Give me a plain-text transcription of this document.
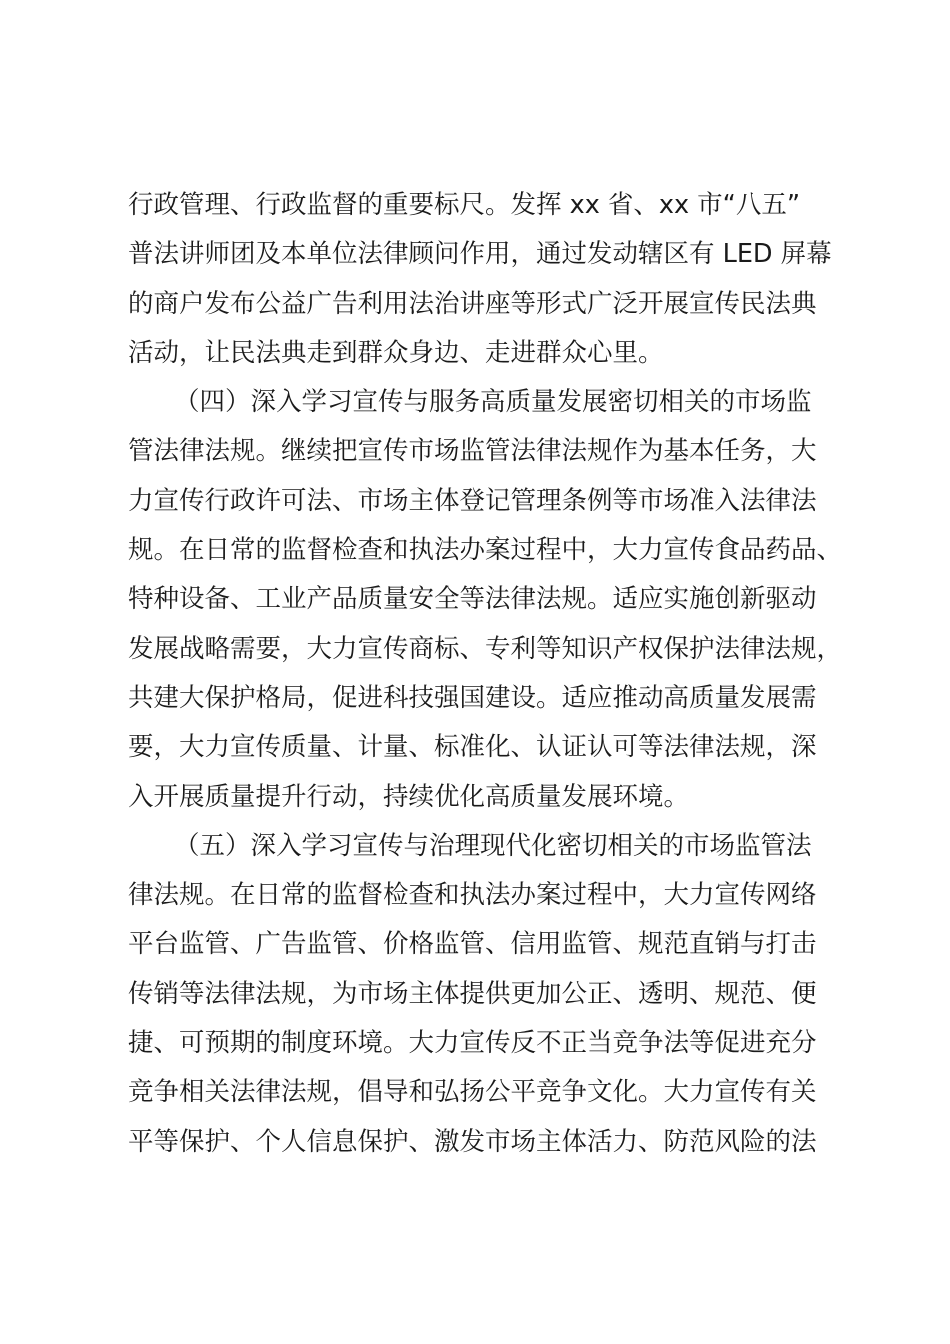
行政管理、行政监督的重要标尺。发挥 xx 省、xx 市“八五”
普法讲师团及本单位法律顾问作用，通过发动辖区有 LED 屏幕
的商户发布公益广告利用法治讲座等形式广泛开展宣传民法典
活动，让民法典走到群众身边、走进群众心里。
（四）深入学习宣传与服务高质量发展密切相关的市场监
管法律法规。继续把宣传市场监管法律法规作为基本任务，大
力宣传行政许可法、市场主体登记管理条例等市场准入法律法
规。在日常的监督检查和执法办案过程中，大力宣传食品药品、
特种设备、工业产品质量安全等法律法规。适应实施创新驱动
发展战略需要，大力宣传商标、专利等知识产权保护法律法规，
共建大保护格局，促进科技强国建设。适应推动高质量发展需
要，大力宣传质量、计量、标准化、认证认可等法律法规，深
入开展质量提升行动，持续优化高质量发展环境。
（五）深入学习宣传与治理现代化密切相关的市场监管法
律法规。在日常的监督检查和执法办案过程中，大力宣传网络
平台监管、广告监管、价格监管、信用监管、规范直销与打击
传销等法律法规，为市场主体提供更加公正、透明、规范、便
捷、可预期的制度环境。大力宣传反不正当竞争法等促进充分
竞争相关法律法规，倡导和弘扬公平竞争文化。大力宣传有关
平等保护、个人信息保护、激发市场主体活力、防范风险的法
